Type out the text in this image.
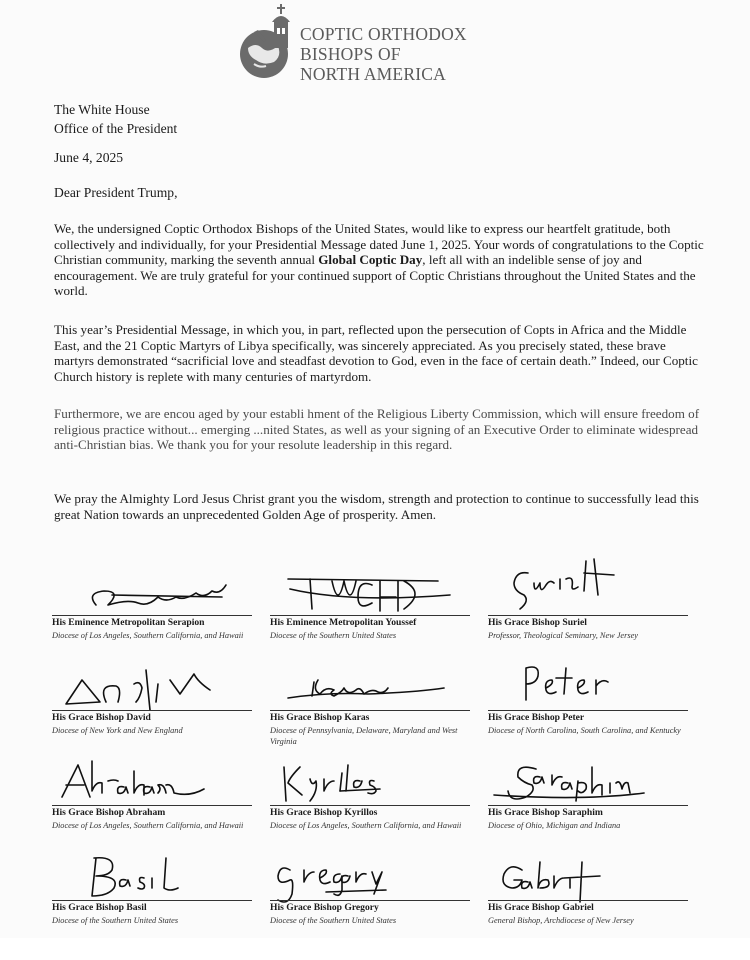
COPTIC ORTHODOX
BISHOPS OF
NORTH AMERICA
The White House
Office of the President
June 4, 2025
Dear President Trump,
We, the undersigned Coptic Orthodox Bishops of the United States, would like to express our heartfelt gratitude, both collectively and individually, for your Presidential Message dated June 1, 2025. Your words of congratulations to the Coptic Christian community, marking the seventh annual Global Coptic Day, left all with an indelible sense of joy and encouragement. We are truly grateful for your continued support of Coptic Christians throughout the United States and the world.
This year’s Presidential Message, in which you, in part, reflected upon the persecution of Copts in Africa and the Middle East, and the 21 Coptic Martyrs of Libya specifically, was sincerely appreciated. As you precisely stated, these brave martyrs demonstrated “sacrificial love and steadfast devotion to God, even in the face of certain death.” Indeed, our Coptic Church history is replete with many centuries of martyrdom.
Furthermore, we are encou aged by your establi hment of the Religious Liberty Commission, which will ensure freedom of religious practice without... emerging ...nited States, as well as your signing of an Executive Order to eliminate widespread anti-Christian bias. We thank you for your resolute leadership in this regard.
We pray the Almighty Lord Jesus Christ grant you the wisdom, strength and protection to continue to successfully lead this great Nation towards an unprecedented Golden Age of prosperity. Amen.
His Eminence Metropolitan Serapion
Diocese of Los Angeles, Southern California, and Hawaii
His Eminence Metropolitan Youssef
Diocese of the Southern United States
His Grace Bishop Suriel
Professor, Theological Seminary, New Jersey
His Grace Bishop David
Diocese of New York and New England
His Grace Bishop Karas
Diocese of Pennsylvania, Delaware, Maryland and West Virginia
His Grace Bishop Peter
Diocese of North Carolina, South Carolina, and Kentucky
His Grace Bishop Abraham
Diocese of Los Angeles, Southern California, and Hawaii
His Grace Bishop Kyrillos
Diocese of Los Angeles, Southern California, and Hawaii
His Grace Bishop Saraphim
Diocese of Ohio, Michigan and Indiana
His Grace Bishop Basil
Diocese of the Southern United States
His Grace Bishop Gregory
Diocese of the Southern United States
His Grace Bishop Gabriel
General Bishop, Archdiocese of New Jersey
